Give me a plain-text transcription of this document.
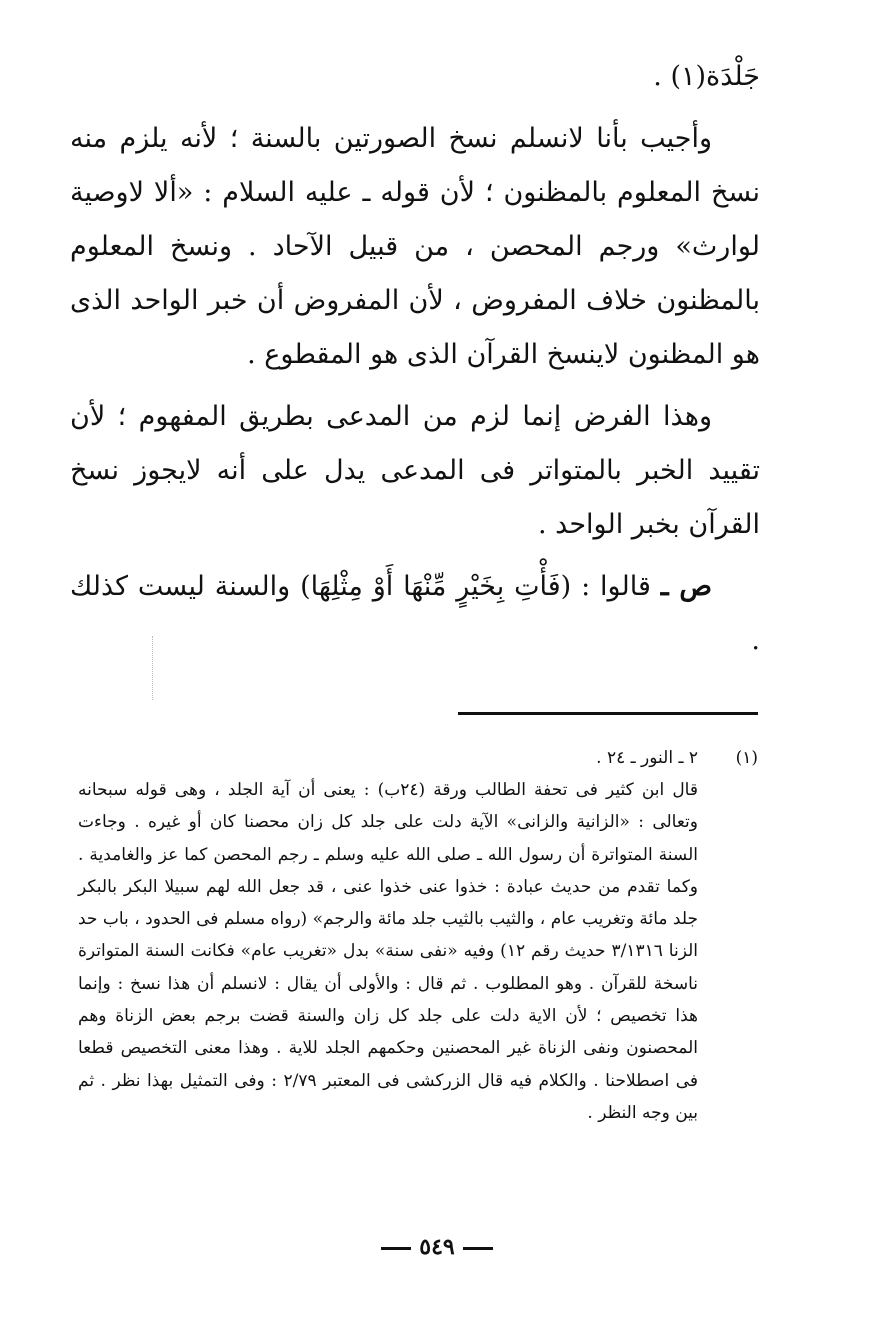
جَلْدَة(١) .

وأجيب بأنا لانسلم نسخ الصورتين بالسنة ؛ لأنه يلزم منه نسخ المعلوم بالمظنون ؛ لأن قوله ـ عليه السلام : «ألا لاوصية لوارث» ورجم المحصن ، من قبيل الآحاد . ونسخ المعلوم بالمظنون خلاف المفروض ، لأن المفروض أن خبر الواحد الذى هو المظنون لاينسخ القرآن الذى هو المقطوع .

وهذا الفرض إنما لزم من المدعى بطريق المفهوم ؛ لأن تقييد الخبر بالمتواتر فى المدعى يدل على أنه لايجوز نسخ القرآن بخبر الواحد .

ص ـ قالوا : (فَأْتِ بِخَيْرٍ مِّنْهَا أَوْ مِثْلِهَا) والسنة ليست كذلك .

(١)
٢ ـ النور ـ ٢٤ .

قال ابن كثير فى تحفة الطالب ورقة (٢٤ب) : يعنى أن آية الجلد ، وهى قوله سبحانه وتعالى : «الزانية والزانى» الآية دلت على جلد كل زان محصنا كان أو غيره . وجاءت السنة المتواترة أن رسول الله ـ صلى الله عليه وسلم ـ رجم المحصن كما عز والغامدية . وكما تقدم من حديث عبادة : خذوا عنى خذوا عنى ، قد جعل الله لهم سبيلا البكر بالبكر جلد مائة وتغريب عام ، والثيب بالثيب جلد مائة والرجم» (رواه مسلم فى الحدود ، باب حد الزنا ٣/١٣١٦ حديث رقم ١٢) وفيه «نفى سنة» بدل «تغريب عام» فكانت السنة المتواترة ناسخة للقرآن . وهو المطلوب . ثم قال : والأولى أن يقال : لانسلم أن هذا نسخ : وإنما هذا تخصيص ؛ لأن الاية دلت على جلد كل زان والسنة قضت برجم بعض الزناة وهم المحصنون ونفى الزناة غير المحصنين وحكمهم الجلد للاية . وهذا معنى التخصيص قطعا فى اصطلاحنا . والكلام فيه قال الزركشى فى المعتبر ٢/٧٩ : وفى التمثيل بهذا نظر . ثم بين وجه النظر .

٥٤٩
